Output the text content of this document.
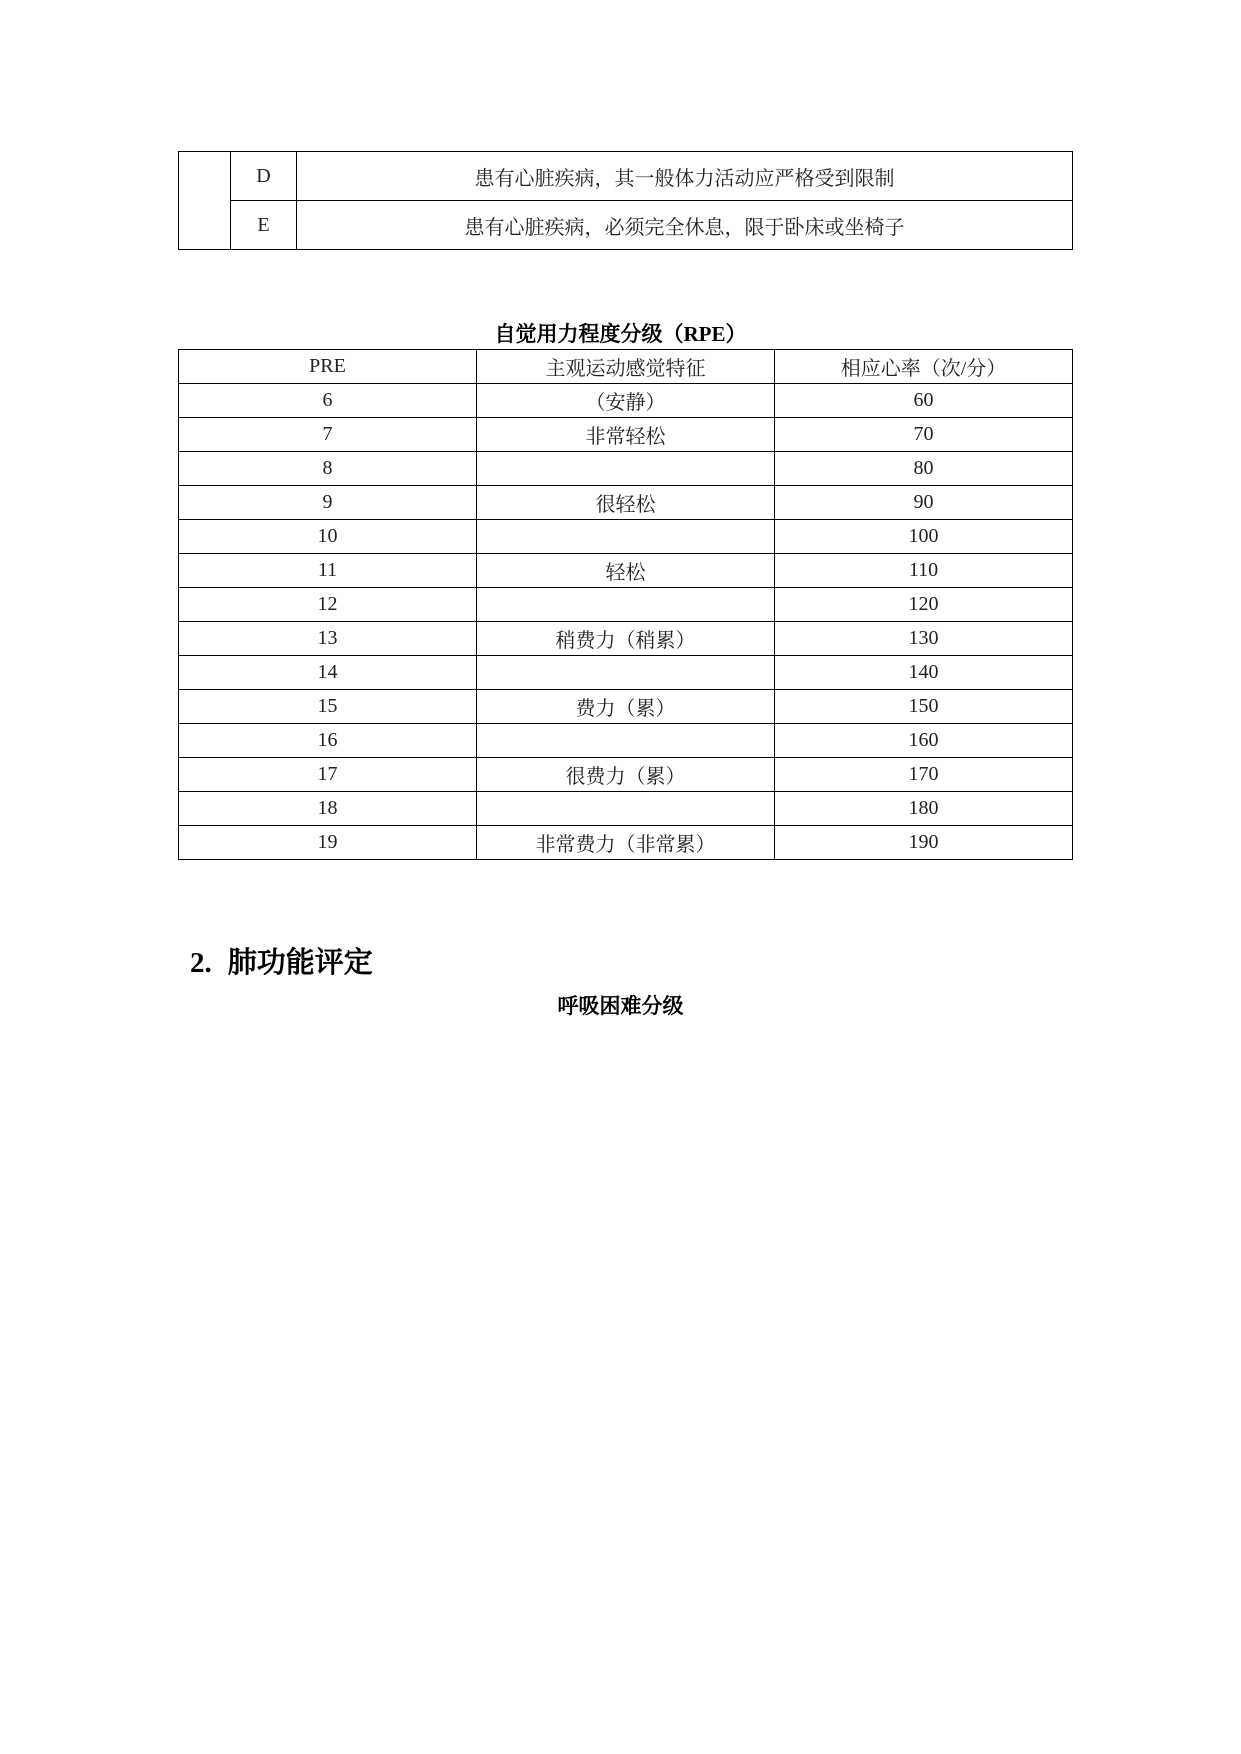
	D	患有心脏疾病，其一般体力活动应严格受到限制
	E	患有心脏疾病，必须完全休息，限于卧床或坐椅子
自觉用力程度分级（RPE）
PRE	主观运动感觉特征	相应心率（次/分）
6	（安静）	60
7	非常轻松	70
8		80
9	很轻松	90
10		100
11	轻松	110
12		120
13	稍费力（稍累）	130
14		140
15	费力（累）	150
16		160
17	很费力（累）	170
18		180
19	非常费力（非常累）	190
2. 肺功能评定
呼吸困难分级
